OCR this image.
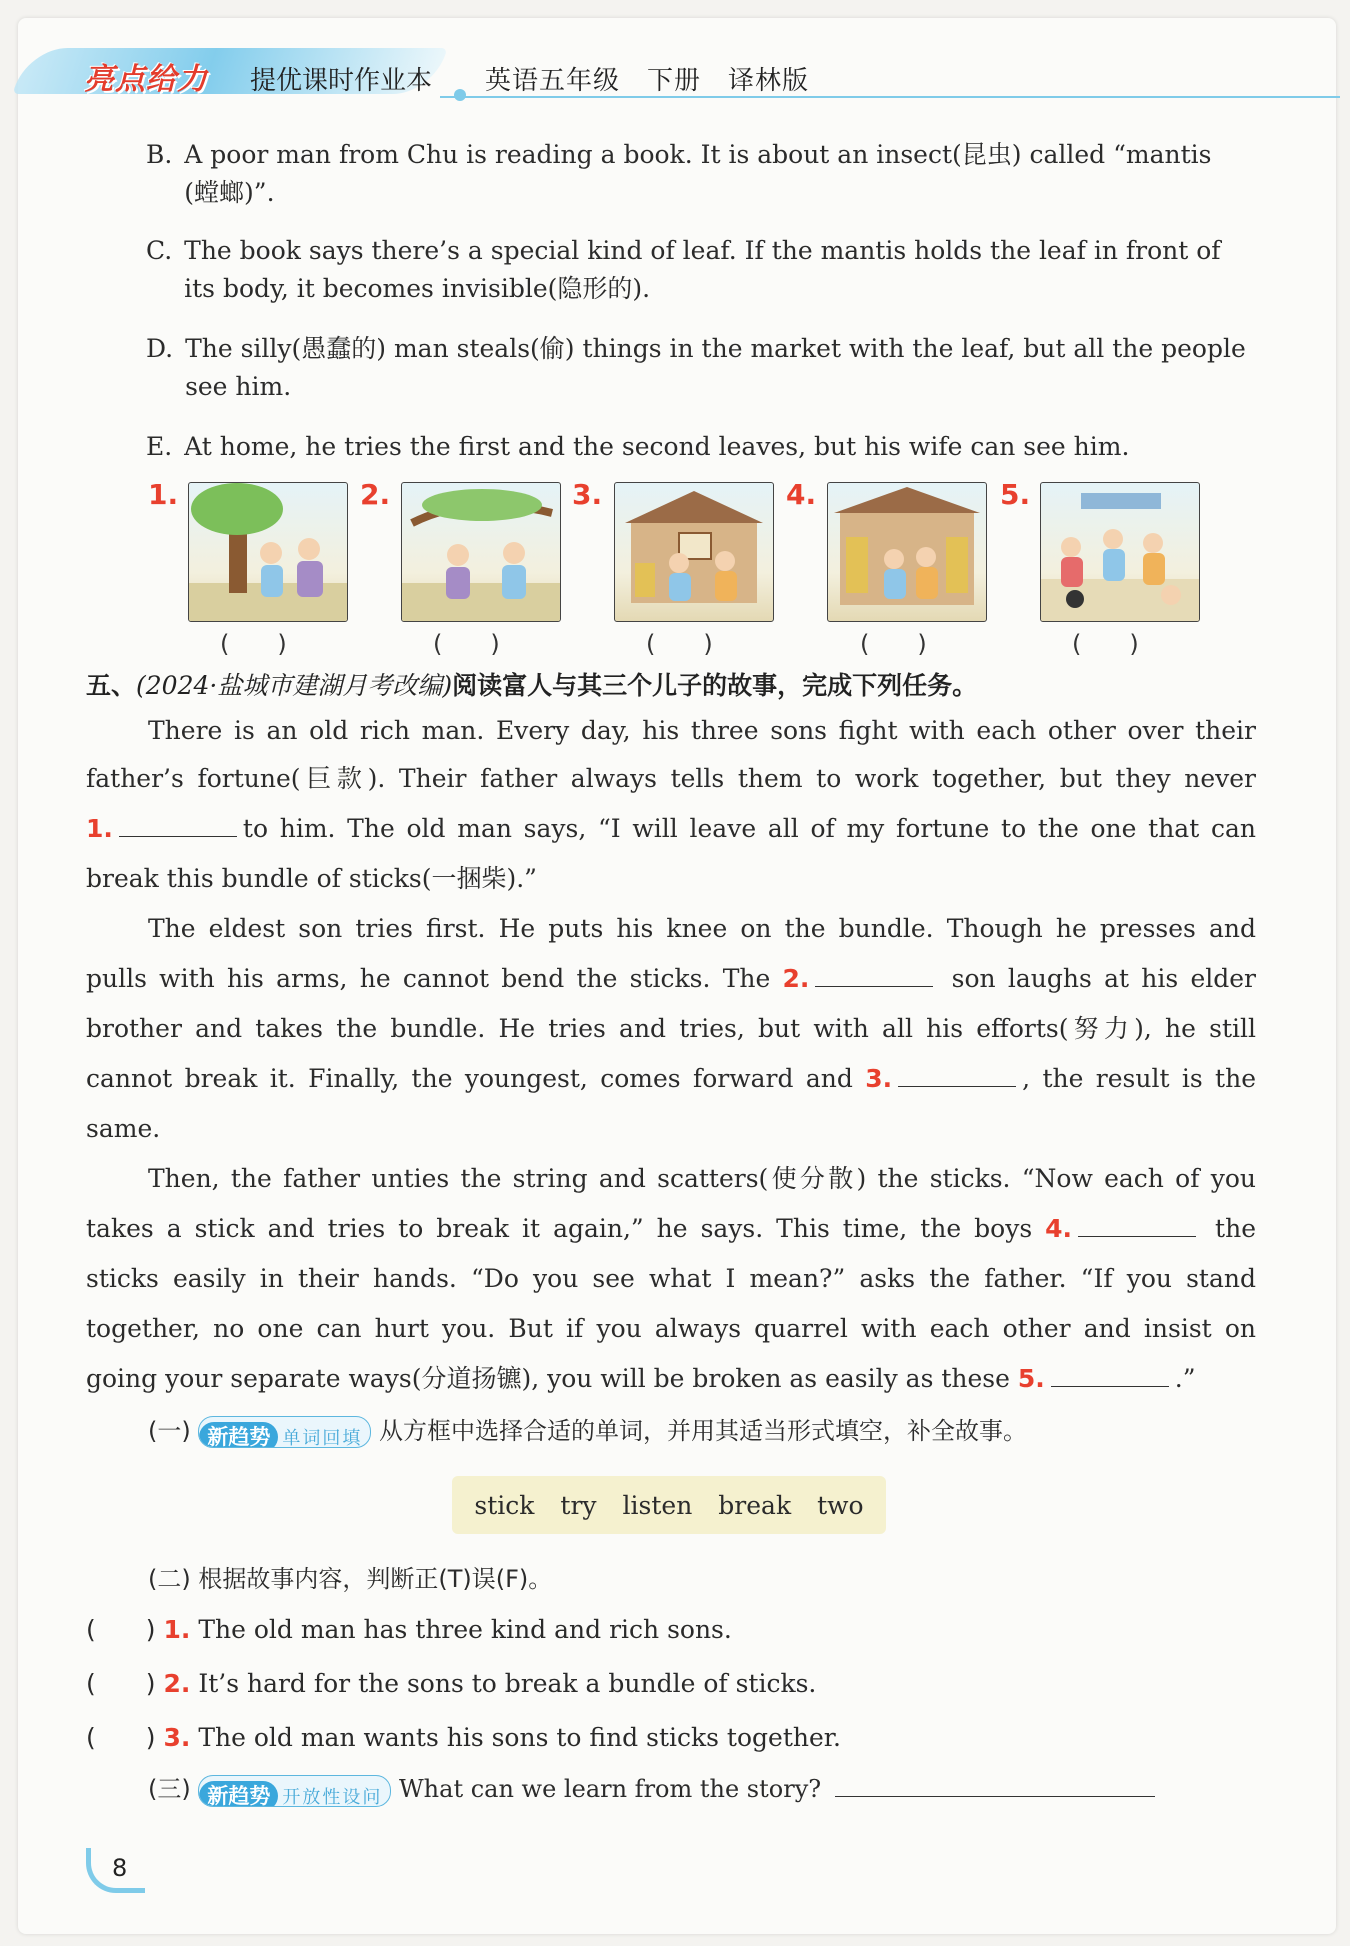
亮点给力 提优课时作业本 英语五年级　下册　译林版
B. A poor man from Chu is reading a book. It is about an insect(昆虫) called “mantis (螳螂)”.
C. The book says there’s a special kind of leaf. If the mantis holds the leaf in front of its body, it becomes invisible(隐形的).
D. The silly(愚蠢的) man steals(偷) things in the market with the leaf, but all the people see him.
E. At home, he tries the first and the second leaves, but his wife can see him.
1.	2.	3.	4.	5.
(　　)	(　　)	(　　)	(　　)	(　　)
五、(2024·盐城市建湖月考改编)阅读富人与其三个儿子的故事，完成下列任务。
There is an old rich man. Every day, his three sons fight with each other over their
father’s fortune(巨款). Their father always tells them to work together, but they never
1.	to him. The old man says, “I will leave all of my fortune to the one that can
break this bundle of sticks(一捆柴).”
The eldest son tries first. He puts his knee on the bundle. Though he presses and
pulls with his arms, he cannot bend the sticks. The 2.	son laughs at his elder
brother and takes the bundle. He tries and tries, but with all his efforts(努力), he still
cannot break it. Finally, the youngest, comes forward and 3.	, the result is the
same.
Then, the father unties the string and scatters(使分散) the sticks. “Now each of you
takes a stick and tries to break it again,” he says. This time, the boys 4.	the
sticks easily in their hands. “Do you see what I mean?” asks the father. “If you stand
together, no one can hurt you. But if you always quarrel with each other and insist on
going your separate ways(分道扬镳), you will be broken as easily as these 5.	.”
(一) 新趋势 单词回填 从方框中选择合适的单词，并用其适当形式填空，补全故事。
stick try listen break two
(二) 根据故事内容，判断正(T)误(F)。
(　　) 1. The old man has three kind and rich sons.
(　　) 2. It’s hard for the sons to break a bundle of sticks.
(　　) 3. The old man wants his sons to find sticks together.
(三) 新趋势 开放性设问 What can we learn from the story?
8
